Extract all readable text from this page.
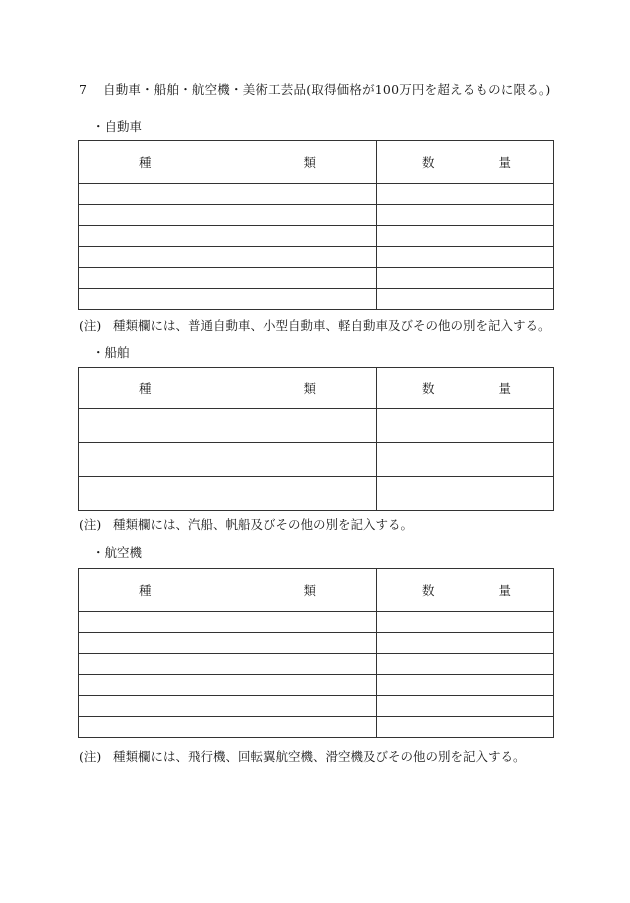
7 自動車・船舶・航空機・美術工芸品(取得価格が100万円を超えるものに限る。)
・自動車
種 類	数 量

(注) 種類欄には、普通自動車、小型自動車、軽自動車及びその他の別を記入する。
・船舶
種 類	数 量

(注) 種類欄には、汽船、帆船及びその他の別を記入する。
・航空機
種 類	数 量

(注) 種類欄には、飛行機、回転翼航空機、滑空機及びその他の別を記入する。
